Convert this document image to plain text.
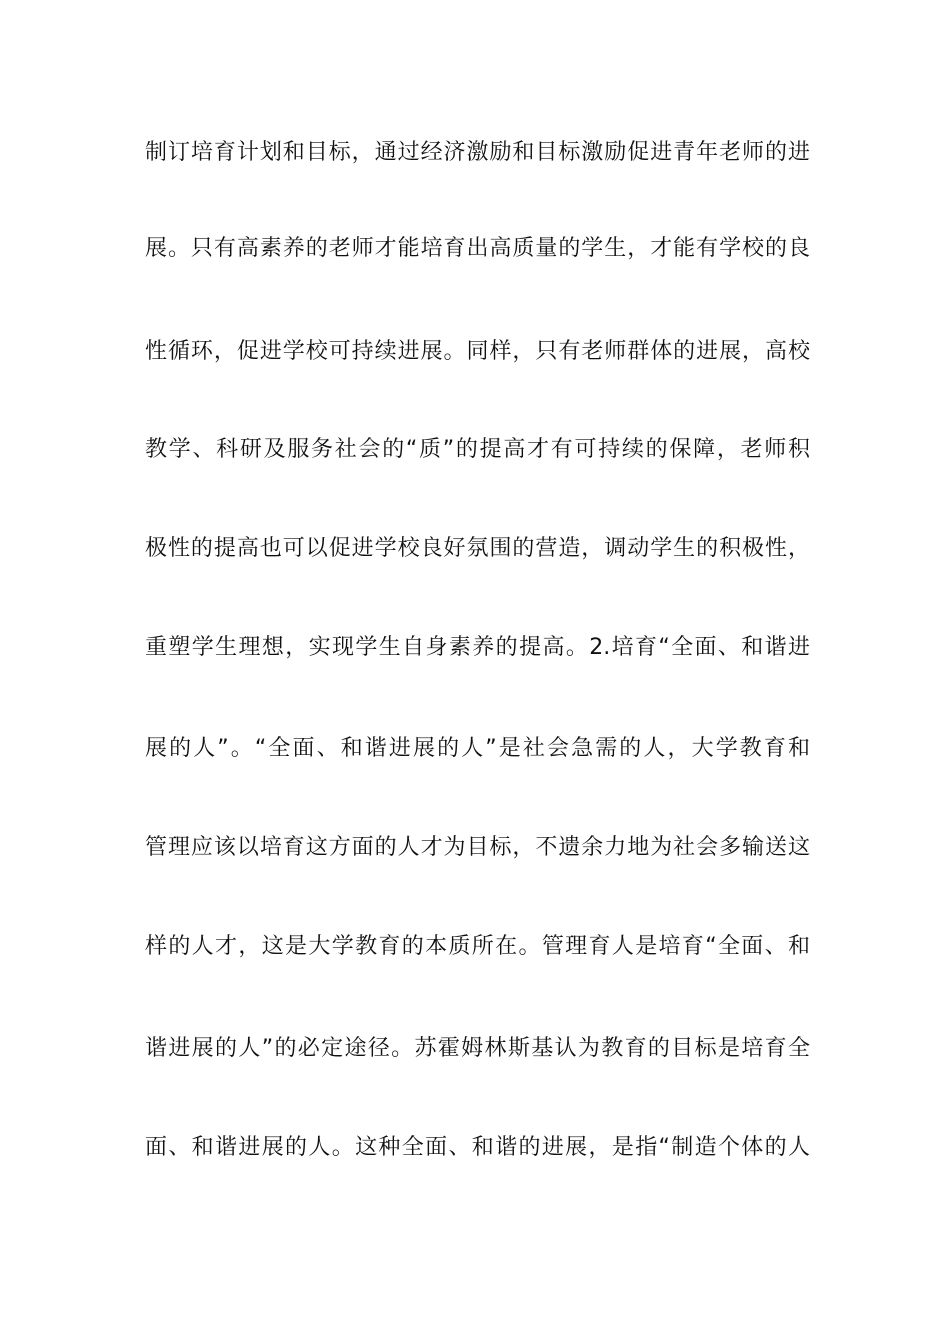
制订培育计划和目标，通过经济激励和目标激励促进青年老师的进
展。只有高素养的老师才能培育出高质量的学生，才能有学校的良
性循环，促进学校可持续进展。同样，只有老师群体的进展，高校
教学、科研及服务社会的“质”的提高才有可持续的保障，老师积
极性的提高也可以促进学校良好氛围的营造，调动学生的积极性，
重塑学生理想，实现学生自身素养的提高。2.培育“全面、和谐进
展的人”。“全面、和谐进展的人”是社会急需的人，大学教育和
管理应该以培育这方面的人才为目标，不遗余力地为社会多输送这
样的人才，这是大学教育的本质所在。管理育人是培育“全面、和
谐进展的人”的必定途径。苏霍姆林斯基认为教育的目标是培育全
面、和谐进展的人。这种全面、和谐的进展，是指“制造个体的人
